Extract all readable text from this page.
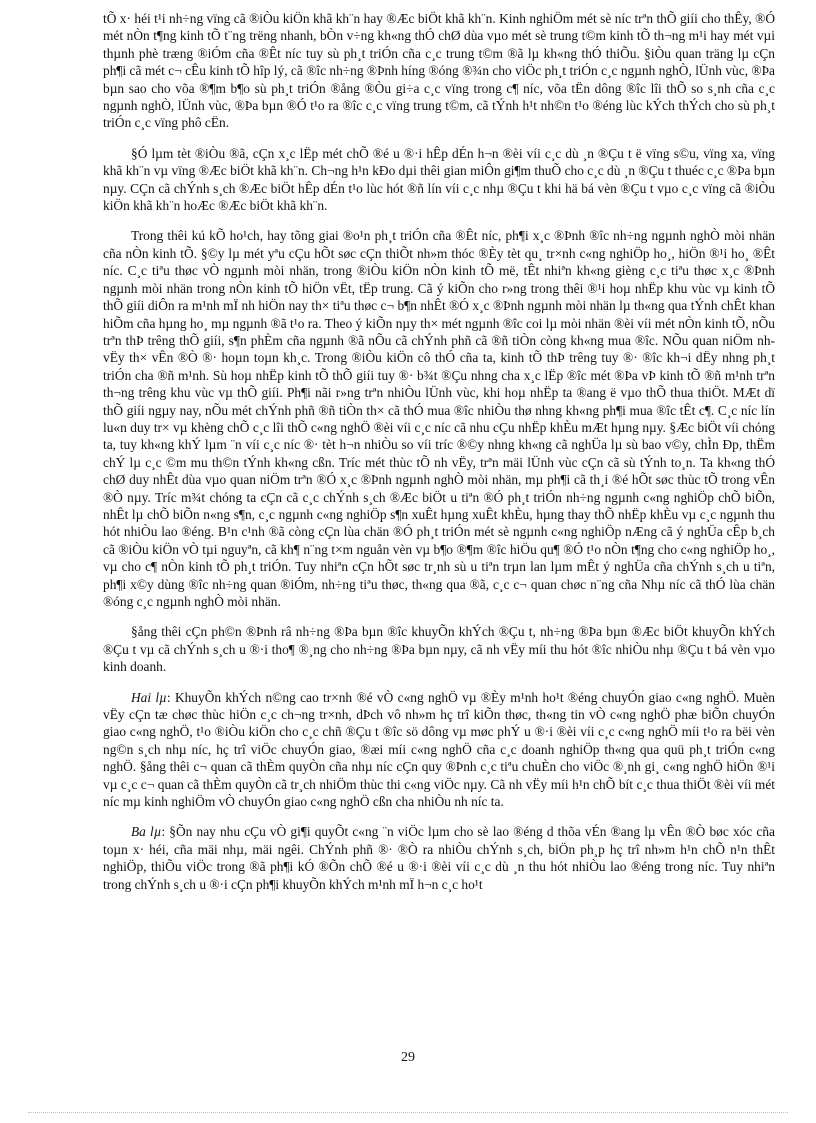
tÕ x· héi t¹i nh÷ng vïng cã ®iÒu kiÖn khã kh¨n hay ®Æc biÖt khã kh¨n. Kinh nghiÖm mét sè níc trªn thÕ giíi cho thÊy, ®Ó mét nÒn t¶ng kinh tÕ t¨ng trëng nhanh, bÒn v÷ng kh«ng thÓ chØ dùa vµo mét sè trung t©m kinh tÕ th¬ng m¹i hay mét vµi thµnh phè træng ®iÓm cña ®Êt níc tuy sù ph¸t triÓn cña c¸c trung t©m ®ã lµ kh«ng thÓ thiÕu. §iÒu quan träng lµ cÇn ph¶i cã mét c¬ cÊu kinh tÕ hîp lý, cã ®îc nh÷ng ®Þnh híng ®óng ®¾n cho viÖc ph¸t triÓn c¸c ngµnh nghÒ, lÜnh vùc, ®Þa bµn sao cho võa ®¶m b¶o sù ph¸t triÓn ®ång ®Òu gi÷a c¸c vïng trong c¶ níc, võa tËn dông ®îc lîi thÕ so s¸nh cña c¸c ngµnh nghÒ, lÜnh vùc, ®Þa bµn ®Ó t¹o ra ®îc c¸c vïng trung t©m, cã tÝnh h¹t nh©n t¹o ®éng lùc kÝch thÝch cho sù ph¸t triÓn c¸c vïng phô cËn.

§Ó lµm tèt ®iÒu ®ã, cÇn x¸c lËp mét chÕ ®é u ®·i hÊp dÉn h¬n ®èi víi c¸c dù ¸n ®Çu t ë vïng s©u, vïng xa, vïng khã kh¨n vµ vïng ®Æc biÖt khã kh¨n. Ch¬ng h¹n kÐo dµi thêi gian miÔn gi¶m thuÕ cho c¸c dù ¸n ®Çu t thuéc c¸c ®Þa bµn nµy. CÇn cã chÝnh s¸ch ®Æc biÖt hÊp dÉn t¹o lùc hót ®ñ lín víi c¸c nhµ ®Çu t khi hä bá vèn ®Çu t vµo c¸c vïng cã ®iÒu kiÖn khã kh¨n hoÆc ®Æc biÖt khã kh¨n.

Trong thêi kú kÕ ho¹ch, hay tõng giai ®o¹n ph¸t triÓn cña ®Êt níc, ph¶i x¸c ®Þnh ®îc nh÷ng ngµnh nghÒ mòi nhän cña nÒn kinh tÕ. §©y lµ mét yªu cÇu hÕt søc cÇn thiÕt nh»m thóc ®Èy tèt qu¸ tr×nh c«ng nghiÖp ho¸, hiÖn ®¹i ho¸ ®Êt níc. C¸c tiªu thøc vÒ ngµnh mòi nhän, trong ®iÒu kiÖn nÒn kinh tÕ më, tÊt nhiªn kh«ng gièng c¸c tiªu thøc x¸c ®Þnh ngµnh mòi nhän trong nÒn kinh tÕ hiÖn vËt, tËp trung. Cã ý kiÕn cho r»ng trong thêi ®¹i hoµ nhËp khu vùc vµ kinh tÕ thÕ giíi diÔn ra m¹nh mÏ nh hiÖn nay th× tiªu thøc c¬ b¶n nhÊt ®Ó x¸c ®Þnh ngµnh mòi nhän lµ th«ng qua tÝnh chÊt khan hiÕm cña hµng ho¸ mµ ngµnh ®ã t¹o ra. Theo ý kiÕn nµy th× mét ngµnh ®îc coi lµ mòi nhän ®èi víi mét nÒn kinh tÕ, nÕu trªn thÞ trêng thÕ giíi, s¶n phÈm cña ngµnh ®ã nÕu cã chÝnh phñ cã ®ñ tiÒn còng kh«ng mua ®îc. NÕu quan niÖm nh vËy th× vÊn ®Ò ®· hoµn toµn kh¸c. Trong ®iÒu kiÖn cô thÓ cña ta, kinh tÕ thÞ trêng tuy ®· ®îc kh¬i dËy nhng ph¸t triÓn cha ®ñ m¹nh. Sù hoµ nhËp kinh tÕ thÕ giíi tuy ®· b¾t ®Çu nhng cha x¸c lËp ®îc mét ®Þa vÞ kinh tÕ ®ñ m¹nh trªn th¬ng trêng khu vùc vµ thÕ giíi. Ph¶i nãi r»ng trªn nhiÒu lÜnh vùc, khi hoµ nhËp ta ®ang ë vµo thÕ thua thiÖt. MÆt dï thÕ giíi ngµy nay, nÕu mét chÝnh phñ ®ñ tiÒn th× cã thÓ mua ®îc nhiÒu thø nhng kh«ng ph¶i mua ®îc tÊt c¶. C¸c níc lín lu«n duy tr× vµ khèng chÕ c¸c lîi thÕ c«ng nghÖ ®èi víi c¸c níc cã nhu cÇu nhËp khÈu mÆt hµng nµy. §Æc biÖt víi chóng ta, tuy kh«ng khÝ lµm ¨n víi c¸c níc ®· tèt h¬n nhiÒu so víi tríc ®©y nhng kh«ng cã nghÜa lµ sù bao v©y, chÌn Ðp, thËm chÝ lµ c¸c ©m mu th©n tÝnh kh«ng cßn. Tríc mét thùc tÕ nh vËy, trªn mäi lÜnh vùc cÇn cã sù tÝnh to¸n. Ta kh«ng thÓ chØ duy nhÊt dùa vµo quan niÖm trªn ®Ó x¸c ®Þnh ngµnh nghÒ mòi nhän, mµ ph¶i cã th¸i ®é hÕt søc thùc tÕ trong vÊn ®Ò nµy. Tríc m¾t chóng ta cÇn cã c¸c chÝnh s¸ch ®Æc biÖt u tiªn ®Ó ph¸t triÓn nh÷ng ngµnh c«ng nghiÖp chÕ biÕn, nhÊt lµ chÕ biÕn n«ng s¶n, c¸c ngµnh c«ng nghiÖp s¶n xuÊt hµng xuÊt khÈu, hµng thay thÕ nhËp khÈu vµ c¸c ngµnh thu hót nhiÒu lao ®éng. B¹n c¹nh ®ã còng cÇn lùa chän ®Ó ph¸t triÓn mét sè ngµnh c«ng nghiÖp nÆng cã ý nghÜa cÊp b¸ch cã ®iÒu kiÖn vÒ tµi nguyªn, cã kh¶ n¨ng t×m nguån vèn vµ b¶o ®¶m ®îc hiÖu qu¶ ®Ó t¹o nÒn t¶ng cho c«ng nghiÖp ho¸, vµ cho c¶ nÒn kinh tÕ ph¸t triÓn. Tuy nhiªn cÇn hÕt søc tr¸nh sù u tiªn trµn lan lµm mÊt ý nghÜa cña chÝnh s¸ch u tiªn, ph¶i x©y dùng ®îc nh÷ng quan ®iÓm, nh÷ng tiªu thøc, th«ng qua ®ã, c¸c c¬ quan chøc n¨ng cña Nhµ níc cã thÓ lùa chän ®óng c¸c ngµnh nghÒ mòi nhän.

§ång thêi cÇn ph©n ®Þnh râ nh÷ng ®Þa bµn ®îc khuyÕn khÝch ®Çu t, nh÷ng ®Þa bµn ®Æc biÖt khuyÕn khÝch ®Çu t vµ cã chÝnh s¸ch u ®·i tho¶ ®¸ng cho nh÷ng ®Þa bµn nµy, cã nh vËy míi thu hót ®îc nhiÒu nhµ ®Çu t bá vèn vµo kinh doanh.

Hai lµ: KhuyÕn khÝch n©ng cao tr×nh ®é vÒ c«ng nghÖ vµ ®Èy m¹nh ho¹t ®éng chuyÓn giao c«ng nghÖ. Muèn vËy cÇn tæ chøc thùc hiÖn c¸c ch¬ng tr×nh, dÞch vô nh»m hç trî kiÕn thøc, th«ng tin vÒ c«ng nghÖ phæ biÕn chuyÓn giao c«ng nghÖ, t¹o ®iÒu kiÖn cho c¸c chñ ®Çu t ®îc sö dông vµ møc phÝ u ®·i ®èi víi c¸c c«ng nghÖ míi t¹o ra bëi vèn ng©n s¸ch nhµ níc, hç trî viÖc chuyÓn giao, ®æi míi c«ng nghÖ cña c¸c doanh nghiÖp th«ng qua quü ph¸t triÓn c«ng nghÖ. §ång thêi c¬ quan cã thÈm quyÒn cña nhµ níc cÇn quy ®Þnh c¸c tiªu chuÈn cho viÖc ®¸nh gi¸ c«ng nghÖ hiÖn ®¹i vµ c¸c c¬ quan cã thÈm quyÒn cã tr¸ch nhiÖm thùc thi c«ng viÖc nµy. Cã nh vËy míi h¹n chÕ bít c¸c thua thiÖt ®èi víi mét níc mµ kinh nghiÖm vÒ chuyÓn giao c«ng nghÖ cßn cha nhiÒu nh níc ta.

Ba lµ: §Õn nay nhu cÇu vÒ gi¶i quyÕt c«ng ¨n viÖc lµm cho sè lao ®éng d thõa vÉn ®ang lµ vÊn ®Ò bøc xóc cña toµn x· héi, cña mäi nhµ, mäi ngêi. ChÝnh phñ ®· ®Ò ra nhiÒu chÝnh s¸ch, biÖn ph¸p hç trî nh»m h¹n chÕ n¹n thÊt nghiÖp, thiÕu viÖc trong ®ã ph¶i kÓ ®Õn chÕ ®é u ®·i ®èi víi c¸c dù ¸n thu hót nhiÒu lao ®éng trong níc. Tuy nhiªn trong chÝnh s¸ch u ®·i cÇn ph¶i khuyÕn khÝch m¹nh mÏ h¬n c¸c ho¹t

29
